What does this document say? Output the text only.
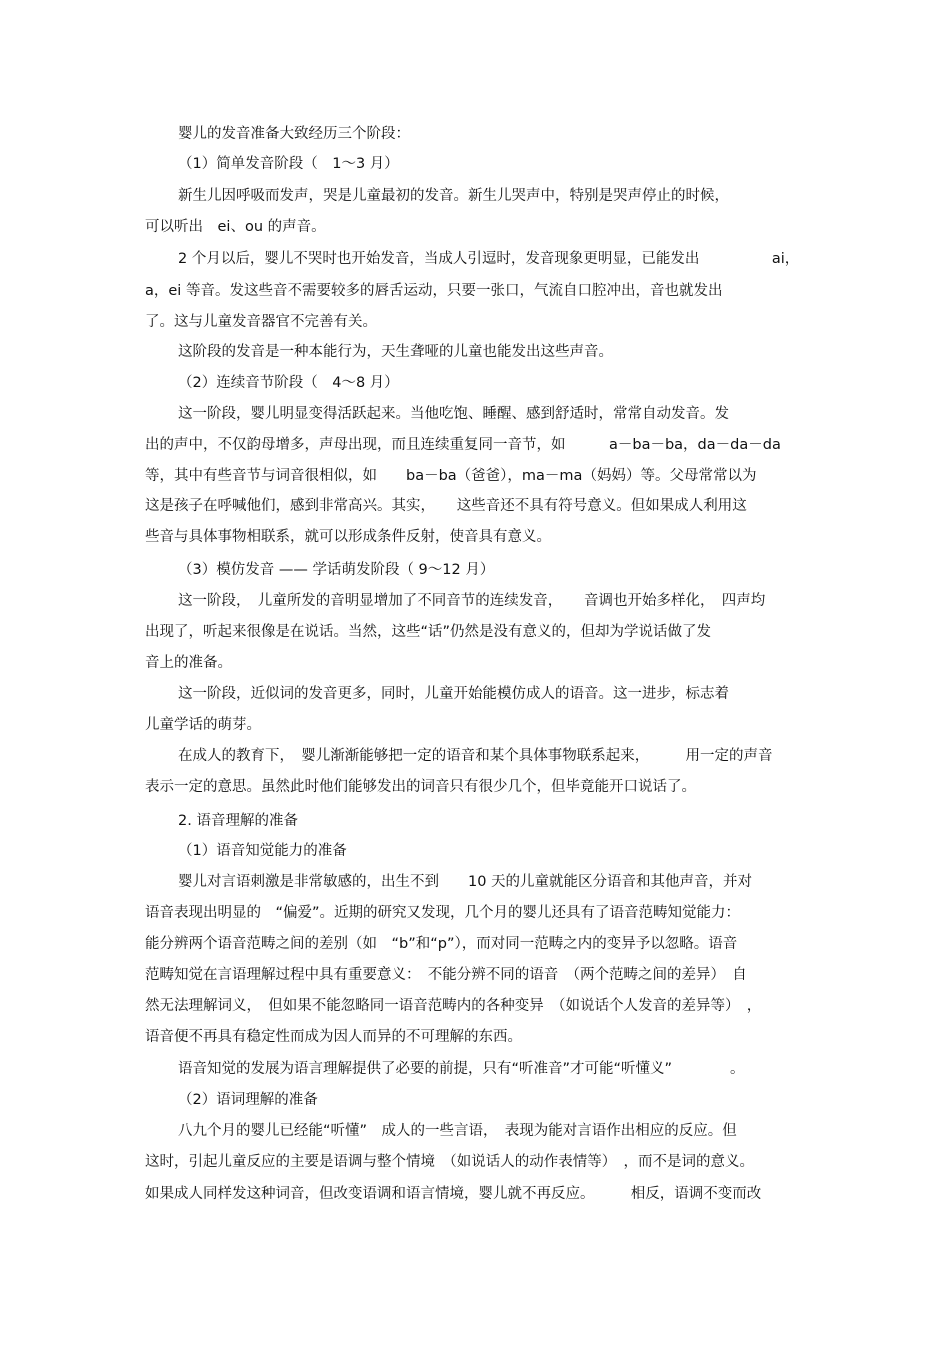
婴儿的发音准备大致经历三个阶段：
（1）简单发音阶段（　1～3 月）
新生儿因呼吸而发声，哭是儿童最初的发音。新生儿哭声中，特别是哭声停止的时候，
可以听出　ei、ou 的声音。
2 个月以后，婴儿不哭时也开始发音，当成人引逗时，发音现象更明显，已能发出　　　　　ai，
a，ei 等音。发这些音不需要较多的唇舌运动，只要一张口，气流自口腔冲出，音也就发出
了。这与儿童发音器官不完善有关。
这阶段的发音是一种本能行为，天生聋哑的儿童也能发出这些声音。
（2）连续音节阶段（　4～8 月）
这一阶段，婴儿明显变得活跃起来。当他吃饱、睡醒、感到舒适时，常常自动发音。发
出的声中，不仅韵母增多，声母出现，而且连续重复同一音节，如　　　a－ba－ba，da－da－da
等，其中有些音节与词音很相似，如　　ba－ba（爸爸），ma－ma（妈妈）等。父母常常以为
这是孩子在呼喊他们，感到非常高兴。其实，　　这些音还不具有符号意义。但如果成人利用这
些音与具体事物相联系，就可以形成条件反射，使音具有意义。
（3）模仿发音 —— 学话萌发阶段（ 9～12 月）
这一阶段，　儿童所发的音明显增加了不同音节的连续发音，　　音调也开始多样化，　四声均
出现了，听起来很像是在说话。当然，这些“话”仍然是没有意义的，但却为学说话做了发
音上的准备。
这一阶段，近似词的发音更多，同时，儿童开始能模仿成人的语音。这一进步，标志着
儿童学话的萌芽。
在成人的教育下，　婴儿渐渐能够把一定的语音和某个具体事物联系起来，　　　用一定的声音
表示一定的意思。虽然此时他们能够发出的词音只有很少几个，但毕竟能开口说话了。
2. 语音理解的准备
（1）语音知觉能力的准备
婴儿对言语刺激是非常敏感的，出生不到　　10 天的儿童就能区分语音和其他声音，并对
语音表现出明显的　“偏爱”。近期的研究又发现，几个月的婴儿还具有了语音范畴知觉能力：
能分辨两个语音范畴之间的差别（如　“b”和“p”），而对同一范畴之内的变异予以忽略。语音
范畴知觉在言语理解过程中具有重要意义：　不能分辨不同的语音　（两个范畴之间的差异）　自
然无法理解词义，　但如果不能忽略同一语音范畴内的各种变异　（如说话个人发音的差异等）　，
语音便不再具有稳定性而成为因人而异的不可理解的东西。
语音知觉的发展为语言理解提供了必要的前提，只有“听准音”才可能“听懂义”　　　　。
（2）语词理解的准备
八九个月的婴儿已经能“听懂”　成人的一些言语，　表现为能对言语作出相应的反应。但
这时，引起儿童反应的主要是语调与整个情境　（如说话人的动作表情等）　，而不是词的意义。
如果成人同样发这种词音，但改变语调和语言情境，婴儿就不再反应。　　　相反，语调不变而改
